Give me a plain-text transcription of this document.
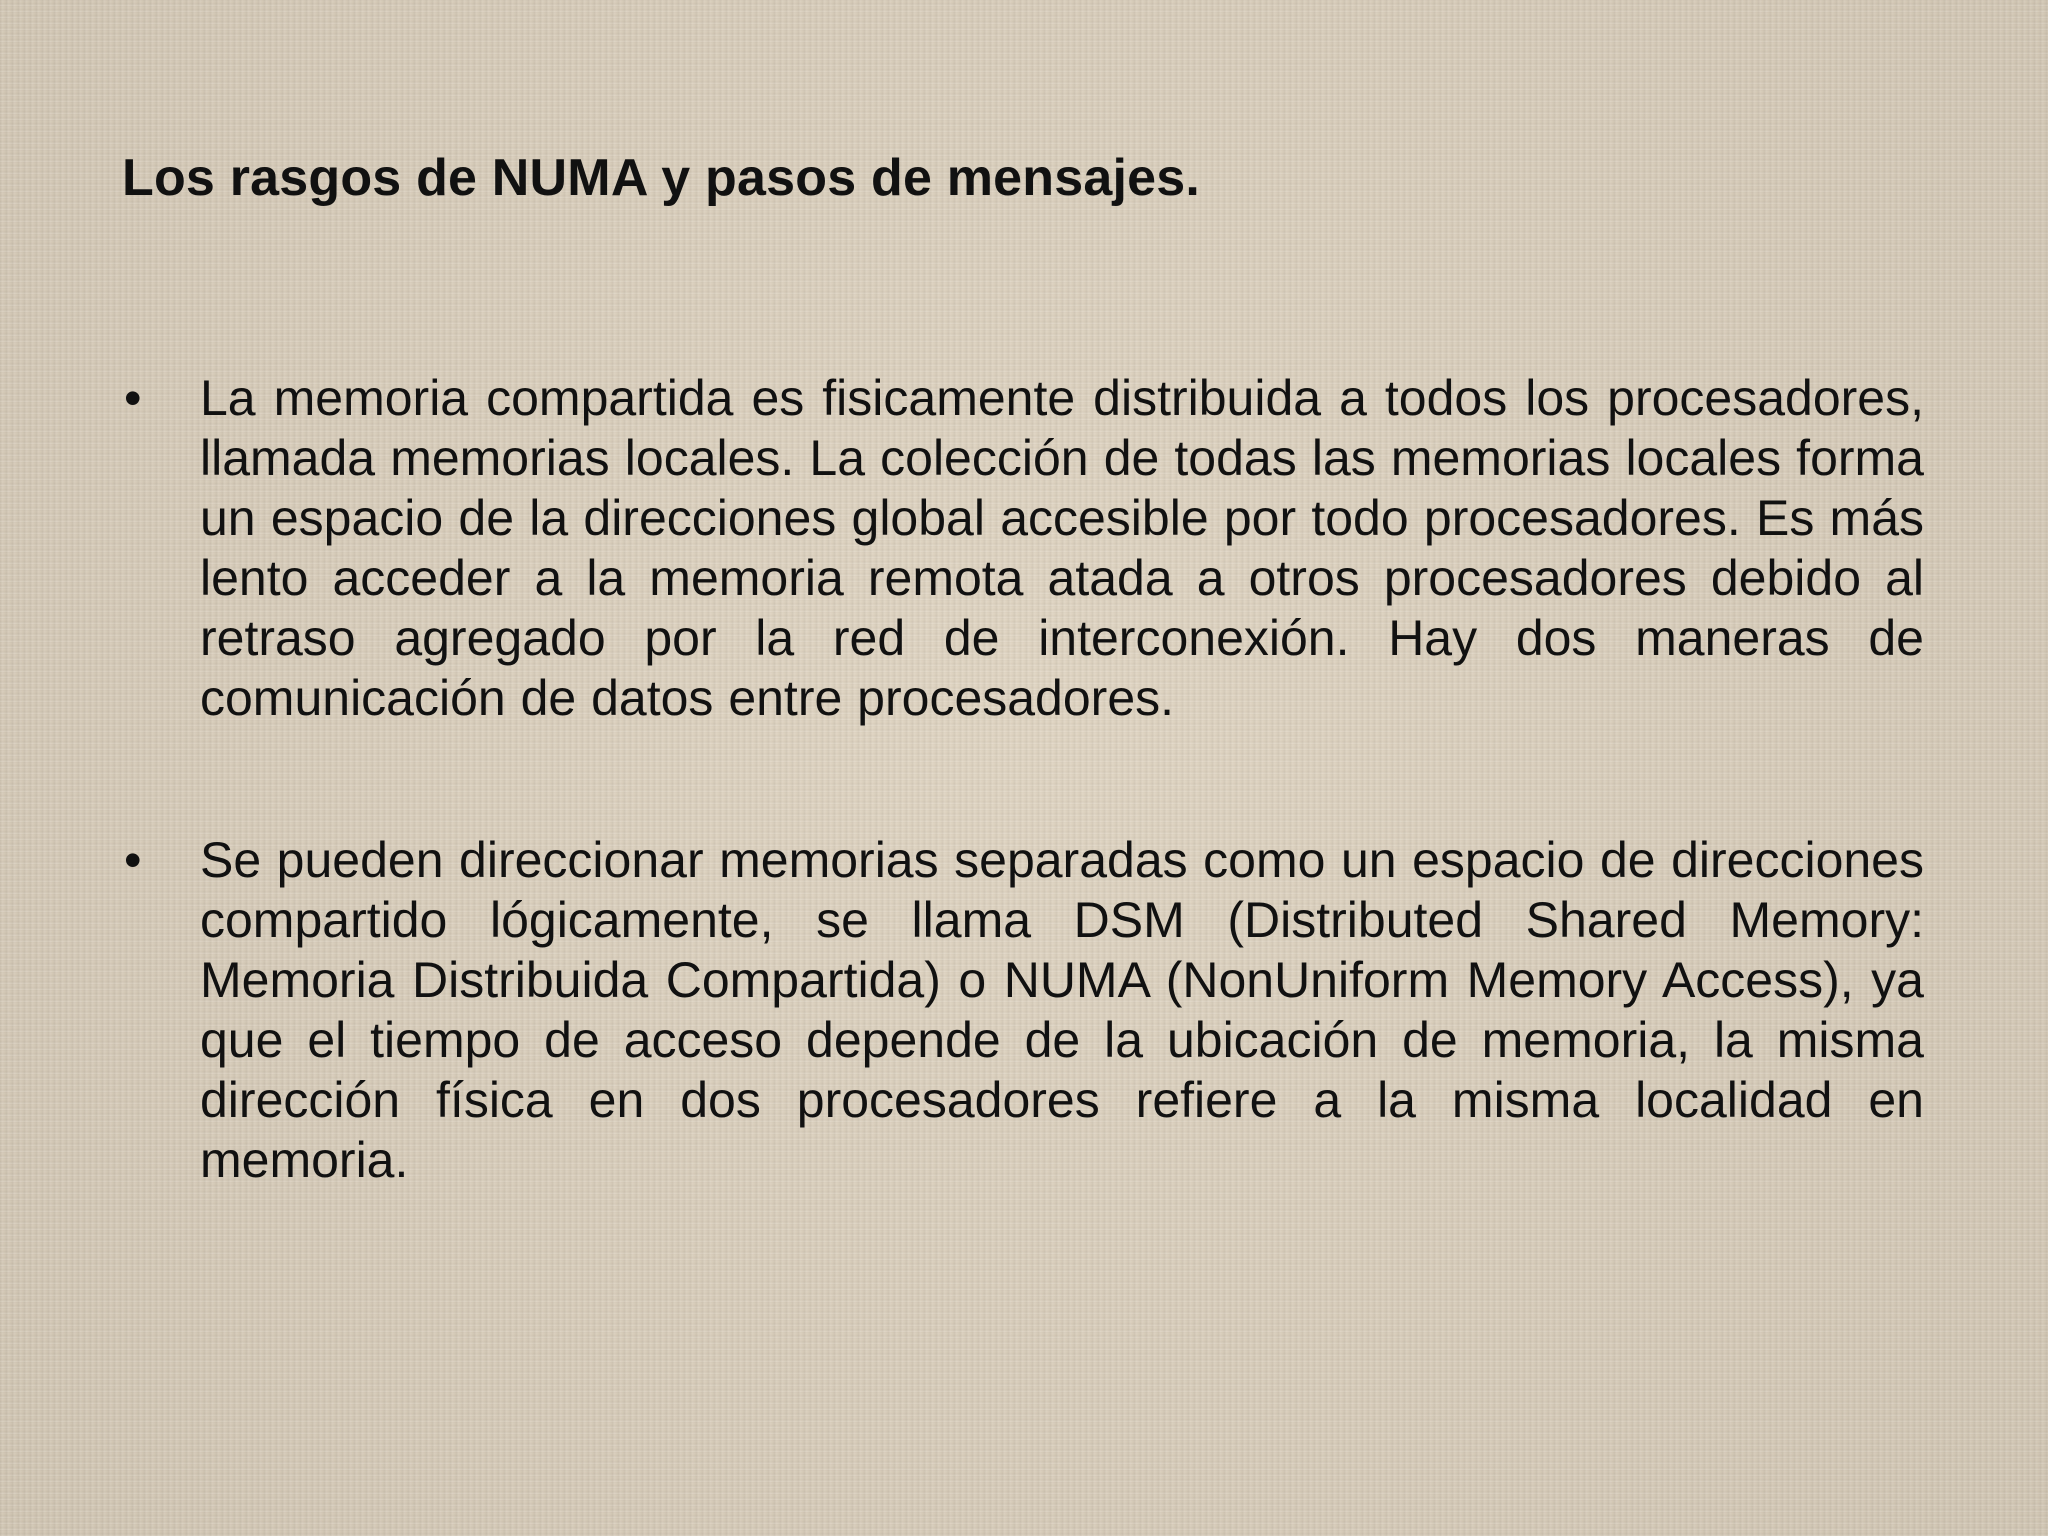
Los rasgos de NUMA y pasos de mensajes.
•	La memoria compartida es fisicamente distribuida a todos los procesadores, llamada memorias locales. La colección de todas las memorias locales forma un espacio de la direcciones global accesible por todo procesadores. Es más lento acceder a la memoria remota atada a otros procesadores debido al retraso agregado por la red de interconexión. Hay dos maneras de comunicación de datos entre procesadores.
•	Se pueden direccionar memorias separadas como un espacio de direcciones compartido lógicamente, se llama DSM (Distributed Shared Memory: Memoria Distribuida Compartida) o NUMA (NonUniform Memory Access), ya que el tiempo de acceso depende de la ubicación de memoria, la misma dirección física en dos procesadores refiere a la misma localidad en memoria.
